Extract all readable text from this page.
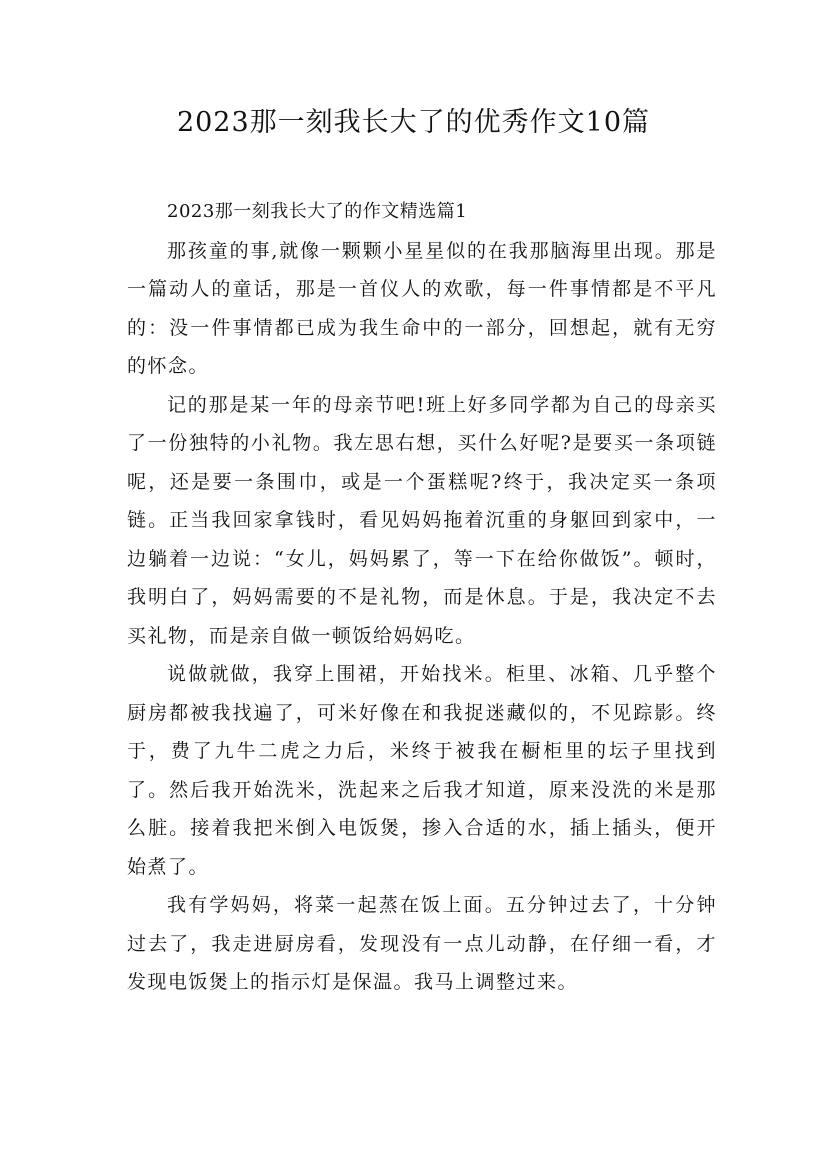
2023那一刻我长大了的优秀作文10篇

2023那一刻我长大了的作文精选篇1

那孩童的事,就像一颗颗小星星似的在我那脑海里出现。那是一篇动人的童话，那是一首仪人的欢歌，每一件事情都是不平凡的：没一件事情都已成为我生命中的一部分，回想起，就有无穷的怀念。

记的那是某一年的母亲节吧!班上好多同学都为自己的母亲买了一份独特的小礼物。我左思右想，买什么好呢?是要买一条项链呢，还是要一条围巾，或是一个蛋糕呢?终于，我决定买一条项链。正当我回家拿钱时，看见妈妈拖着沉重的身躯回到家中，一边躺着一边说：“女儿，妈妈累了，等一下在给你做饭”。顿时，我明白了，妈妈需要的不是礼物，而是休息。于是，我决定不去买礼物，而是亲自做一顿饭给妈妈吃。

说做就做，我穿上围裙，开始找米。柜里、冰箱、几乎整个厨房都被我找遍了，可米好像在和我捉迷藏似的，不见踪影。终于，费了九牛二虎之力后，米终于被我在橱柜里的坛子里找到了。然后我开始洗米，洗起来之后我才知道，原来没洗的米是那么脏。接着我把米倒入电饭煲，掺入合适的水，插上插头，便开始煮了。

我有学妈妈，将菜一起蒸在饭上面。五分钟过去了，十分钟过去了，我走进厨房看，发现没有一点儿动静，在仔细一看，才发现电饭煲上的指示灯是保温。我马上调整过来。
